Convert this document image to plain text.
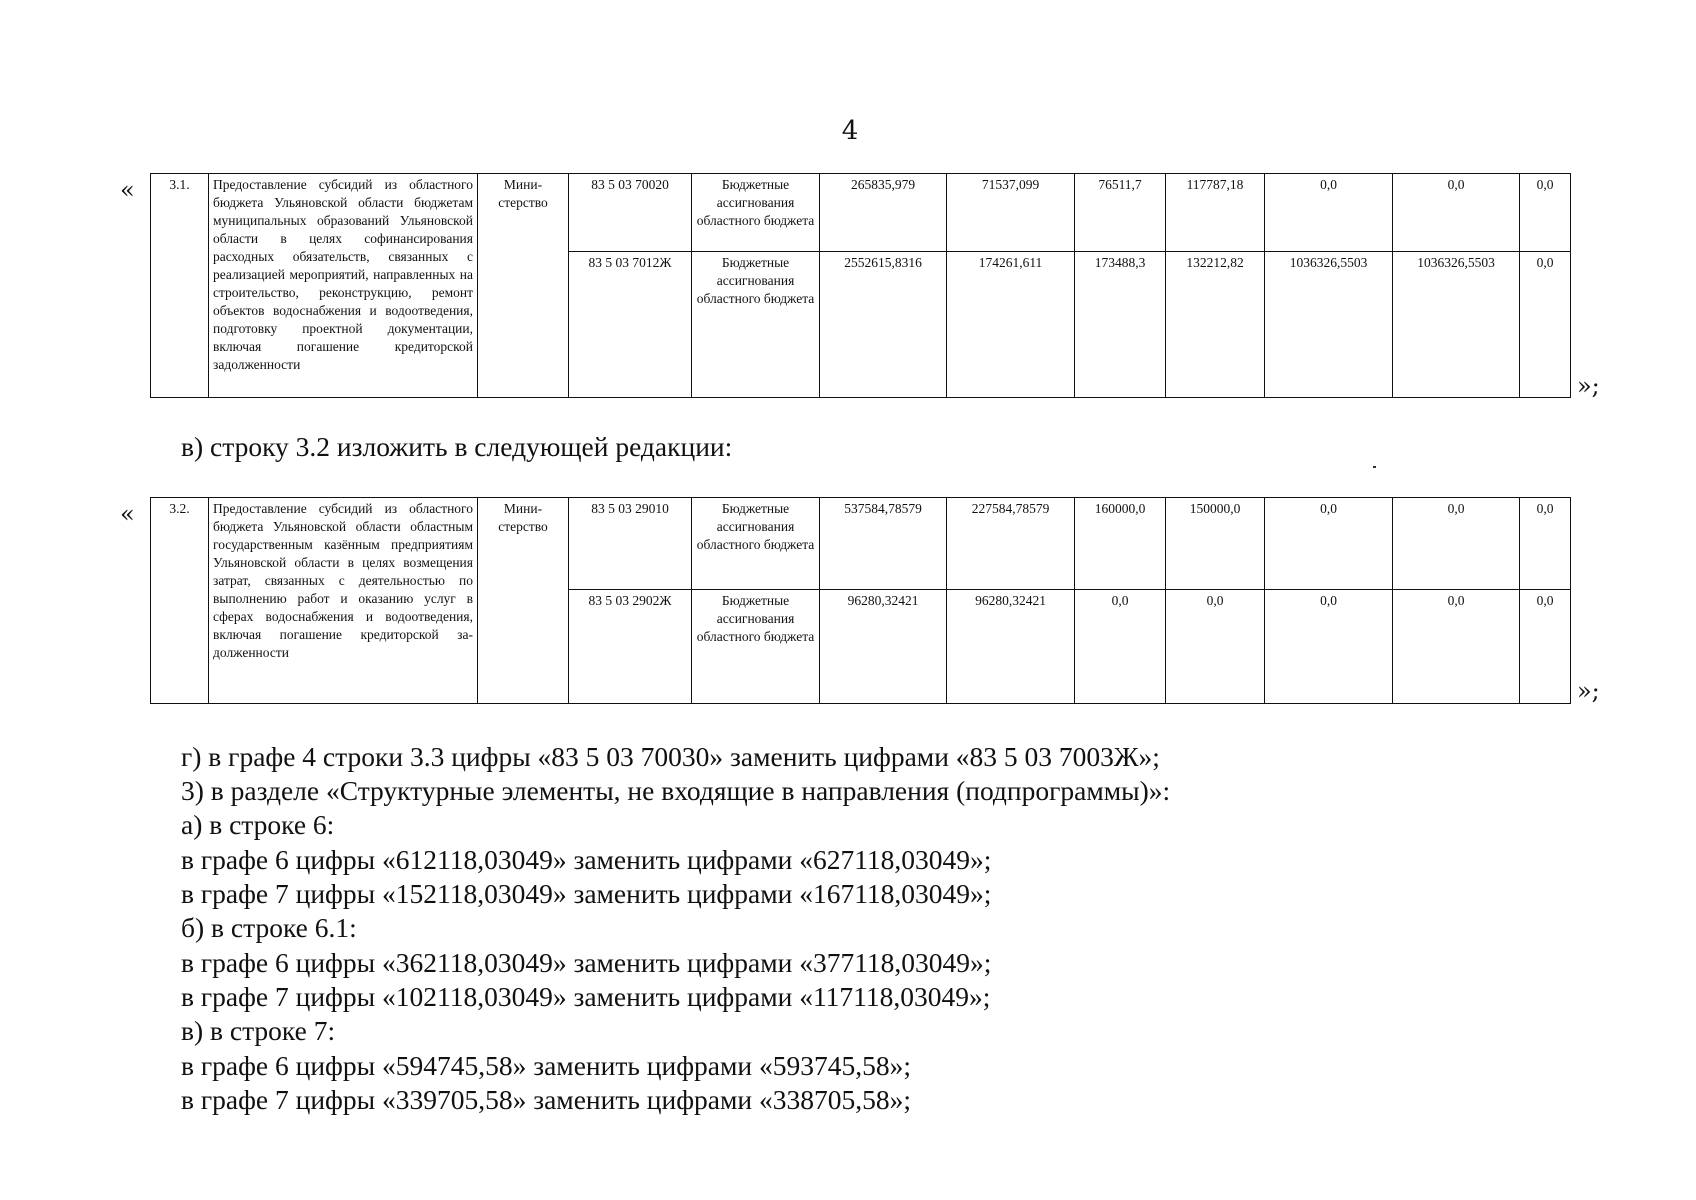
4
«	3.1.	Предоставление субсидий из областного бюджета Ульяновской области бюджетам муниципальных образований Ульяновской области в целях софинансирования расходных обязательств, связанных с реализацией мероприятий, направленных на строительство, реконструкцию, ремонт объектов водоснабжения и водоотведения, подготовку проектной документации, включая погашение кредиторской задолженности	Министерство	83 5 03 70020	Бюджетные ассигнования областного бюджета	265835,979	71537,099	76511,7	117787,18	0,0	0,0	0,0
			83 5 03 7012Ж	Бюджетные ассигнования областного бюджета	2552615,8316	174261,611	173488,3	132212,82	1036326,5503	1036326,5503	0,0
»;
в) строку 3.2 изложить в следующей редакции:
«	3.2.	Предоставление субсидий из областного бюджета Ульяновской области областным государственным казённым предприятиям Ульяновской области в целях возмещения затрат, связанных с деятельностью по выполнению работ и оказанию услуг в сферах водоснабжения и водоотведения, включая погашение кредиторской задолженности	Министерство	83 5 03 29010	Бюджетные ассигнования областного бюджета	537584,78579	227584,78579	160000,0	150000,0	0,0	0,0	0,0
			83 5 03 2902Ж	Бюджетные ассигнования областного бюджета	96280,32421	96280,32421	0,0	0,0	0,0	0,0	0,0
»;
г) в графе 4 строки 3.3 цифры «83 5 03 70030» заменить цифрами «83 5 03 7003Ж»;
3) в разделе «Структурные элементы, не входящие в направления (подпрограммы)»:
а) в строке 6:
в графе 6 цифры «612118,03049» заменить цифрами «627118,03049»;
в графе 7 цифры «152118,03049» заменить цифрами «167118,03049»;
б) в строке 6.1:
в графе 6 цифры «362118,03049» заменить цифрами «377118,03049»;
в графе 7 цифры «102118,03049» заменить цифрами «117118,03049»;
в) в строке 7:
в графе 6 цифры «594745,58» заменить цифрами «593745,58»;
в графе 7 цифры «339705,58» заменить цифрами «338705,58»;
